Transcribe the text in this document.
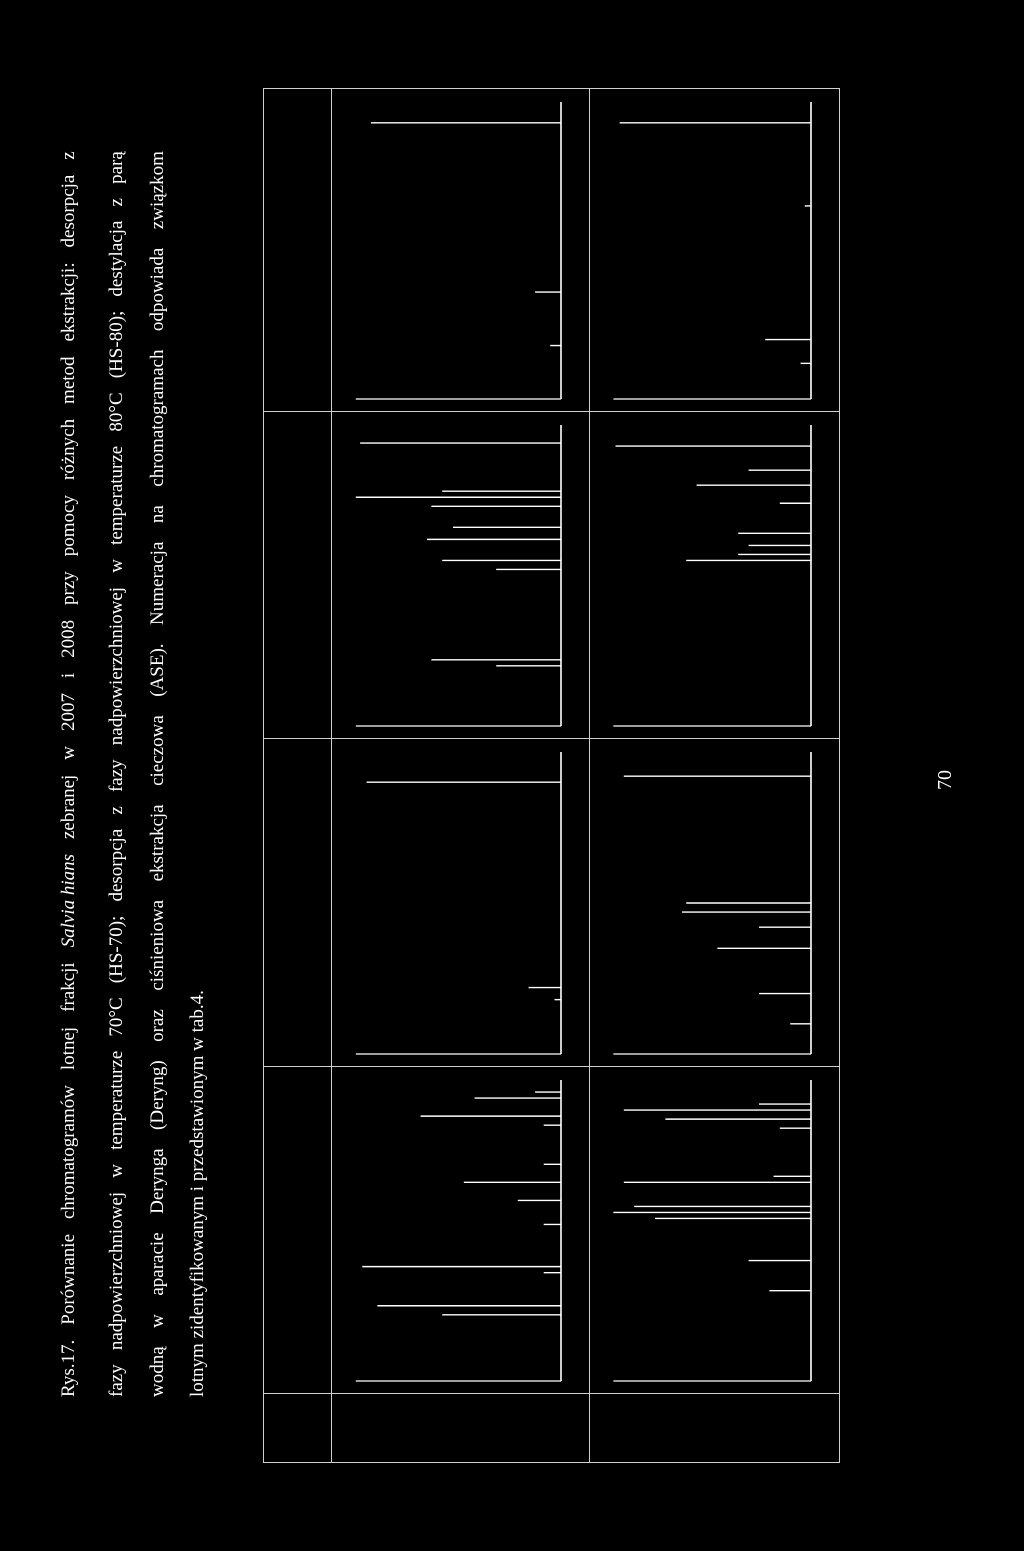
Rys.17.
Porównanie
chromatogramów
lotnej
frakcji
Salvia hians
zebranej
w
2007
i
2008
przy
pomocy
różnych
metod
ekstrakcji:
desorpcja
z
fazy
nadpowierzchniowej
w
temperaturze
70°C
(HS-70);
desorpcja
z
fazy
nadpowierzchniowej
w
temperaturze
80°C
(HS-80);
destylacja
z
parą
wodną
w
aparacie
Derynga
(Deryng)
oraz
ciśnieniowa
ekstrakcja
cieczowa
(ASE).
Numeracja
na
chromatogramach
odpowiada
związkom
lotnym zidentyfikowanym i przedstawionym w tab.4.
70
